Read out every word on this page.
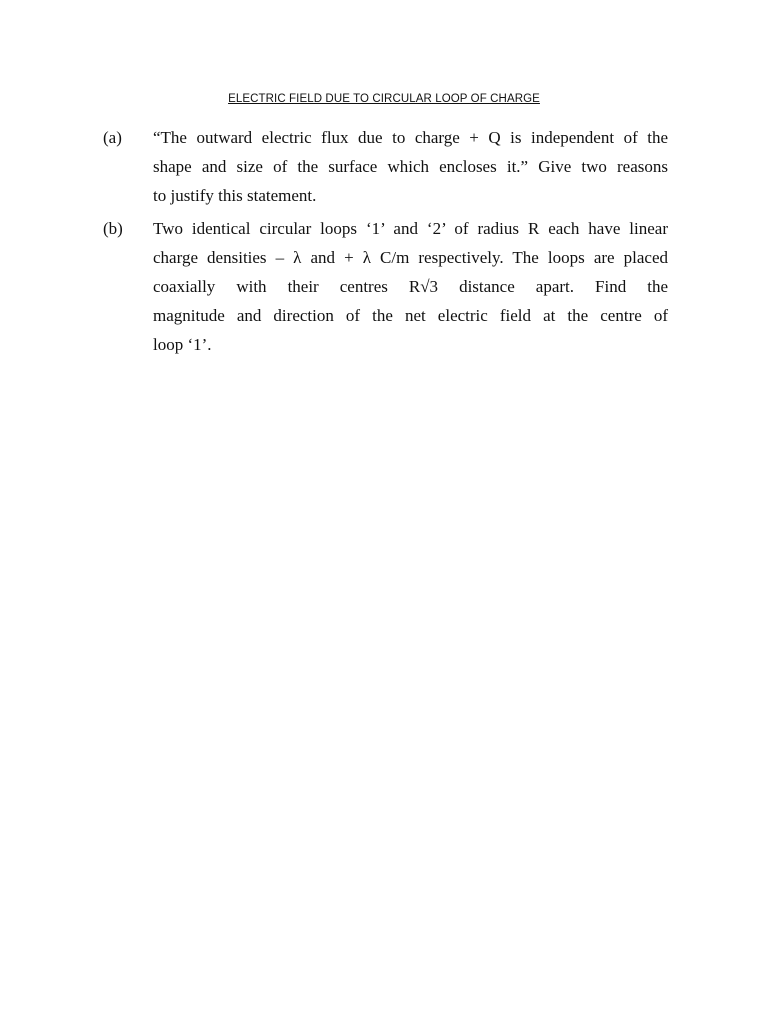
ELECTRIC FIELD DUE TO CIRCULAR LOOP OF CHARGE
(a)	“The outward electric flux due to charge + Q is independent of the
shape and size of the surface which encloses it.” Give two reasons
to justify this statement.
(b)	Two identical circular loops ‘1’ and ‘2’ of radius R each have linear
charge densities – λ and + λ C/m respectively. The loops are placed
coaxially with their centres R√3 distance apart. Find the
magnitude and direction of the net electric field at the centre of
loop ‘1’.
